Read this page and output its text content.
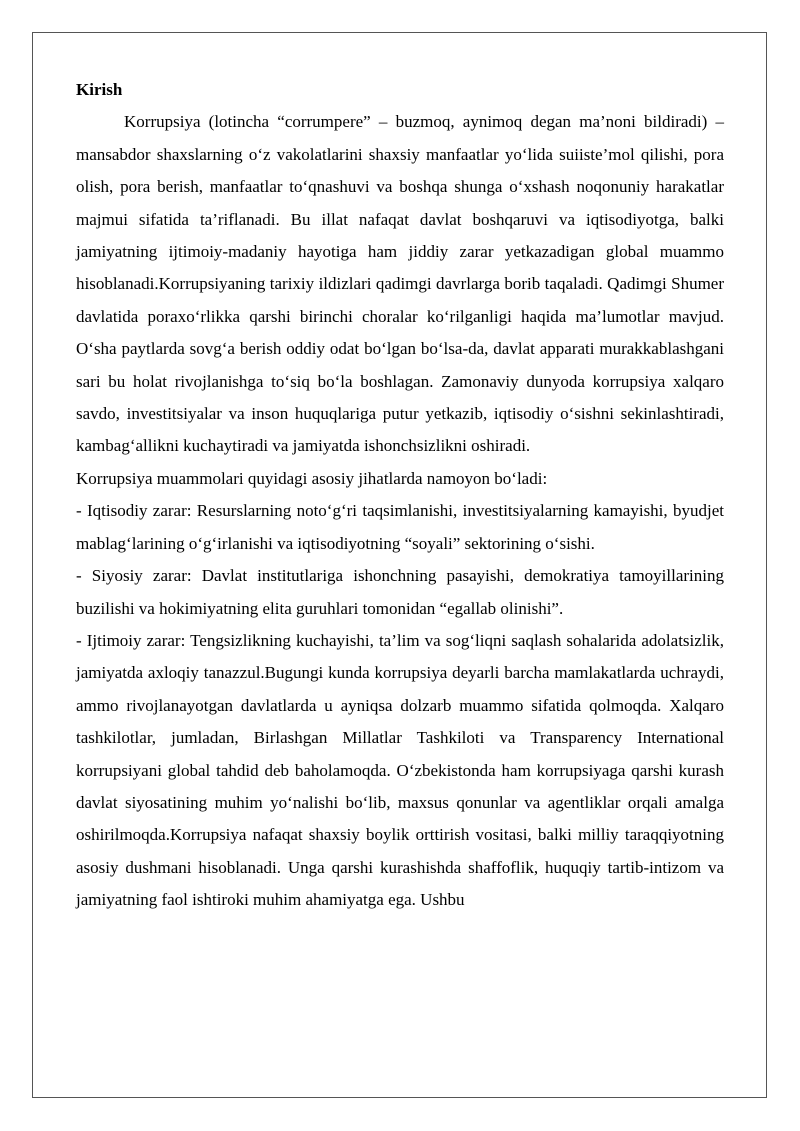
Kirish

Korrupsiya (lotincha “corrumpere” – buzmoq, aynimoq degan ma’noni bildiradi) – mansabdor shaxslarning o‘z vakolatlarini shaxsiy manfaatlar yo‘lida suiiste’mol qilishi, pora olish, pora berish, manfaatlar to‘qnashuvi va boshqa shunga o‘xshash noqonuniy harakatlar majmui sifatida ta’riflanadi. Bu illat nafaqat davlat boshqaruvi va iqtisodiyotga, balki jamiyatning ijtimoiy-madaniy hayotiga ham jiddiy zarar yetkazadigan global muammo hisoblanadi.Korrupsiyaning tarixiy ildizlari qadimgi davrlarga borib taqaladi. Qadimgi Shumer davlatida poraxo‘rlikka qarshi birinchi choralar ko‘rilganligi haqida ma’lumotlar mavjud. O‘sha paytlarda sovg‘a berish oddiy odat bo‘lgan bo‘lsa-da, davlat apparati murakkablashgani sari bu holat rivojlanishga to‘siq bo‘la boshlagan. Zamonaviy dunyoda korrupsiya xalqaro savdo, investitsiyalar va inson huquqlariga putur yetkazib, iqtisodiy o‘sishni sekinlashtiradi, kambag‘allikni kuchaytiradi va jamiyatda ishonchsizlikni oshiradi.

Korrupsiya muammolari quyidagi asosiy jihatlarda namoyon bo‘ladi:

- Iqtisodiy zarar: Resurslarning noto‘g‘ri taqsimlanishi, investitsiyalarning kamayishi, byudjet mablag‘larining o‘g‘irlanishi va iqtisodiyotning “soyali” sektorining o‘sishi.

- Siyosiy zarar: Davlat institutlariga ishonchning pasayishi, demokratiya tamoyillarining buzilishi va hokimiyatning elita guruhlari tomonidan “egallab olinishi”.

- Ijtimoiy zarar: Tengsizlikning kuchayishi, ta’lim va sog‘liqni saqlash sohalarida adolatsizlik, jamiyatda axloqiy tanazzul.Bugungi kunda korrupsiya deyarli barcha mamlakatlarda uchraydi, ammo rivojlanayotgan davlatlarda u ayniqsa dolzarb muammo sifatida qolmoqda. Xalqaro tashkilotlar, jumladan, Birlashgan Millatlar Tashkiloti va Transparency International korrupsiyani global tahdid deb baholamoqda. O‘zbekistonda ham korrupsiyaga qarshi kurash davlat siyosatining muhim yo‘nalishi bo‘lib, maxsus qonunlar va agentliklar orqali amalga oshirilmoqda.Korrupsiya nafaqat shaxsiy boylik orttirish vositasi, balki milliy taraqqiyotning asosiy dushmani hisoblanadi. Unga qarshi kurashishda shaffoflik, huquqiy tartib-intizom va jamiyatning faol ishtiroki muhim ahamiyatga ega. Ushbu
